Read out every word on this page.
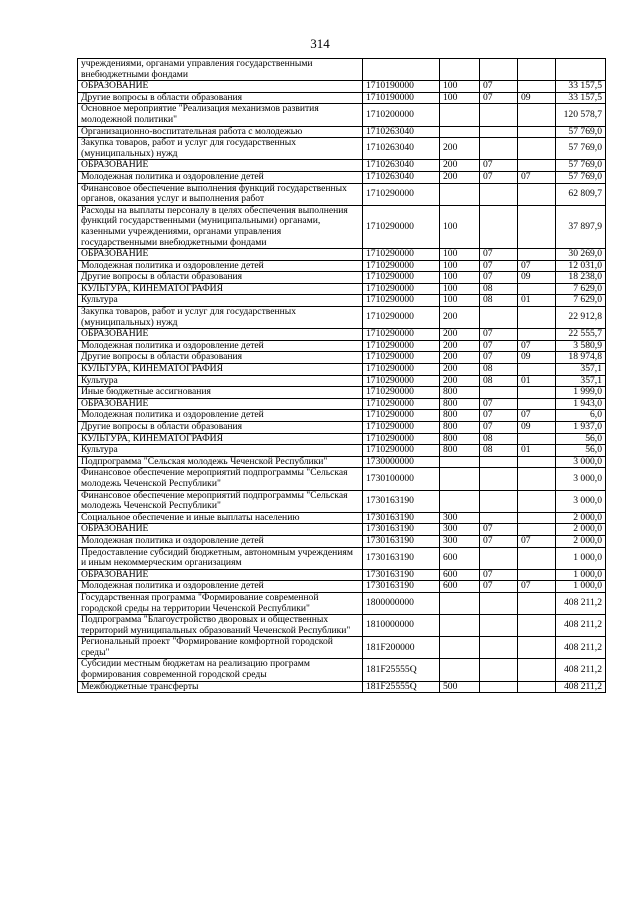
314
учреждениями, органами управления государственными внебюджетными фондами					
ОБРАЗОВАНИЕ	1710190000	100	07		33 157,5
Другие вопросы в области образования	1710190000	100	07	09	33 157,5
Основное мероприятие "Реализация механизмов развития молодежной политики"	1710200000				120 578,7
Организационно-воспитательная работа с молодежью	1710263040				57 769,0
Закупка товаров, работ и услуг для государственных (муниципальных) нужд	1710263040	200			57 769,0
ОБРАЗОВАНИЕ	1710263040	200	07		57 769,0
Молодежная политика и оздоровление детей	1710263040	200	07	07	57 769,0
Финансовое обеспечение выполнения функций государственных органов, оказания услуг и выполнения работ	1710290000				62 809,7
Расходы на выплаты персоналу в целях обеспечения выполнения функций государственными (муниципальными) органами, казенными учреждениями, органами управления государственными внебюджетными фондами	1710290000	100			37 897,9
ОБРАЗОВАНИЕ	1710290000	100	07		30 269,0
Молодежная политика и оздоровление детей	1710290000	100	07	07	12 031,0
Другие вопросы в области образования	1710290000	100	07	09	18 238,0
КУЛЬТУРА, КИНЕМАТОГРАФИЯ	1710290000	100	08		7 629,0
Культура	1710290000	100	08	01	7 629,0
Закупка товаров, работ и услуг для государственных (муниципальных) нужд	1710290000	200			22 912,8
ОБРАЗОВАНИЕ	1710290000	200	07		22 555,7
Молодежная политика и оздоровление детей	1710290000	200	07	07	3 580,9
Другие вопросы в области образования	1710290000	200	07	09	18 974,8
КУЛЬТУРА, КИНЕМАТОГРАФИЯ	1710290000	200	08		357,1
Культура	1710290000	200	08	01	357,1
Иные бюджетные ассигнования	1710290000	800			1 999,0
ОБРАЗОВАНИЕ	1710290000	800	07		1 943,0
Молодежная политика и оздоровление детей	1710290000	800	07	07	6,0
Другие вопросы в области образования	1710290000	800	07	09	1 937,0
КУЛЬТУРА, КИНЕМАТОГРАФИЯ	1710290000	800	08		56,0
Культура	1710290000	800	08	01	56,0
Подпрограмма "Сельская молодежь Чеченской Республики"	1730000000				3 000,0
Финансовое обеспечение мероприятий подпрограммы "Сельская молодежь Чеченской Республики"	1730100000				3 000,0
Финансовое обеспечение мероприятий подпрограммы "Сельская молодежь Чеченской Республики"	1730163190				3 000,0
Социальное обеспечение и иные выплаты населению	1730163190	300			2 000,0
ОБРАЗОВАНИЕ	1730163190	300	07		2 000,0
Молодежная политика и оздоровление детей	1730163190	300	07	07	2 000,0
Предоставление субсидий бюджетным, автономным учреждениям и иным некоммерческим организациям	1730163190	600			1 000,0
ОБРАЗОВАНИЕ	1730163190	600	07		1 000,0
Молодежная политика и оздоровление детей	1730163190	600	07	07	1 000,0
Государственная программа "Формирование современной городской среды на территории Чеченской Республики"	1800000000				408 211,2
Подпрограмма "Благоустройство дворовых и общественных территорий муниципальных образований Чеченской Республики"	1810000000				408 211,2
Региональный проект "Формирование комфортной городской среды"	181F200000				408 211,2
Субсидии местным бюджетам на реализацию программ формирования современной городской среды	181F25555Q				408 211,2
Межбюджетные трансферты	181F25555Q	500			408 211,2
